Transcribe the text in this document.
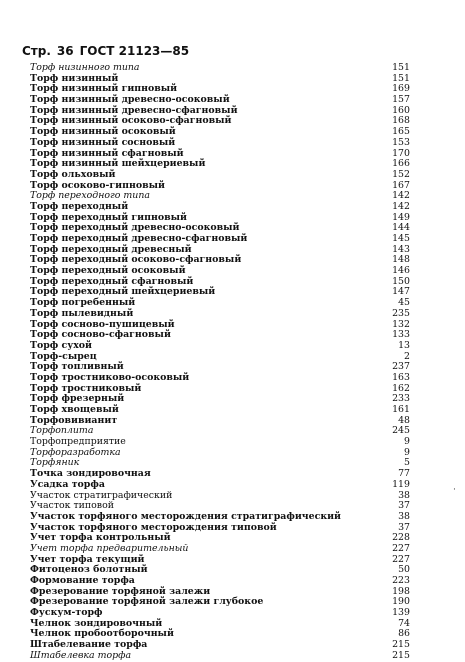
Стр. 36 ГОСТ 21123—85
Торф низинного типа	151
Торф низинный	151
Торф низинный гипновый	169
Торф низинный древесно-осоковый	157
Торф низинный древесно-сфагновый	160
Торф низинный осоково-сфагновый	168
Торф низинный осоковый	165
Торф низинный сосновый	153
Торф низинный сфагновый	170
Торф низинный шейхцериевый	166
Торф ольховый	152
Торф осоково-гипновый	167
Торф переходного типа	142
Торф переходный	142
Торф переходный гипновый	149
Торф переходный древесно-осоковый	144
Торф переходный древесно-сфагновый	145
Торф переходный древесный	143
Торф переходный осоково-сфагновый	148
Торф переходный осоковый	146
Торф переходный сфагновый	150
Торф переходный шейхцериевый	147
Торф погребенный	45
Торф пылевидный	235
Торф сосново-пушицевый	132
Торф сосново-сфагновый	133
Торф сухой	13
Торф-сырец	2
Торф топливный	237
Торф тростниково-осоковый	163
Торф тростниковый	162
Торф фрезерный	233
Торф хвощевый	161
Торфовивианит	48
Торфоплита	245
Торфопредприятие	9
Торфоразработка	9
Торфяник	5
Точка зондировочная	77
Усадка торфа	119
Участок стратиграфический	38
Участок типовой	37
Участок торфяного месторождения стратиграфический	38
Участок торфяного месторождения типовой	37
Учет торфа контрольный	228
Учет торфа предварительный	227
Учет торфа текущий	227
Фитоценоз болотный	50
Формование торфа	223
Фрезерование торфяной залежи	198
Фрезерование торфяной залежи глубокое	190
Фускум-торф	139
Челнок зондировочный	74
Челнок пробоотборочный	86
Штабелевание торфа	215
Штабелевка торфа	215
·
